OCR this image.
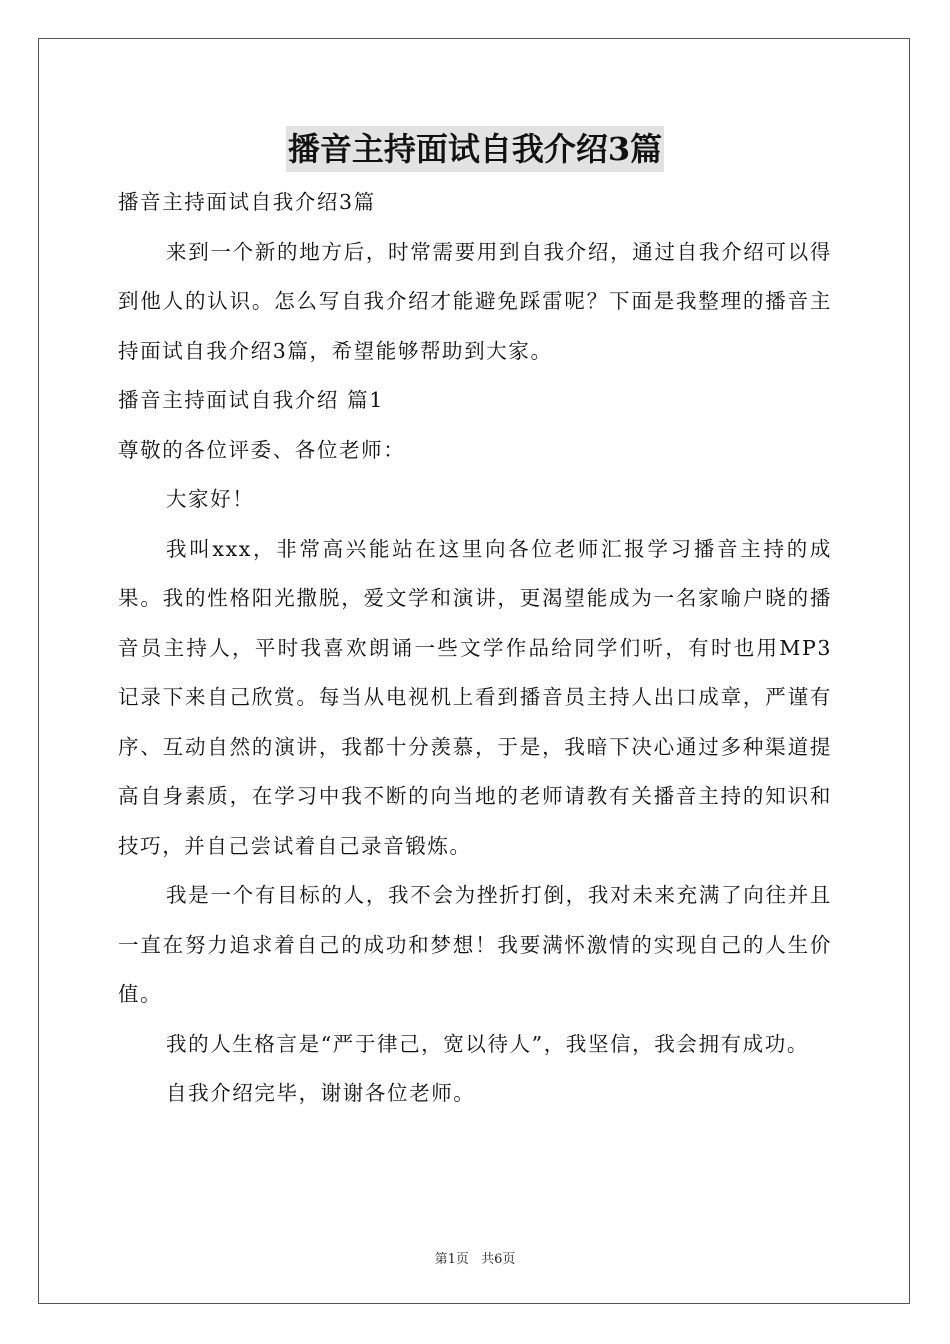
播音主持面试自我介绍3篇

播音主持面试自我介绍3篇

来到一个新的地方后，时常需要用到自我介绍，通过自我介绍可以得到他人的认识。怎么写自我介绍才能避免踩雷呢？下面是我整理的播音主持面试自我介绍3篇，希望能够帮助到大家。

播音主持面试自我介绍 篇1

尊敬的各位评委、各位老师：

大家好！

我叫xxx，非常高兴能站在这里向各位老师汇报学习播音主持的成果。我的性格阳光撒脱，爱文学和演讲，更渴望能成为一名家喻户晓的播音员主持人，平时我喜欢朗诵一些文学作品给同学们听，有时也用MP3记录下来自己欣赏。每当从电视机上看到播音员主持人出口成章，严谨有序、互动自然的演讲，我都十分羡慕，于是，我暗下决心通过多种渠道提高自身素质，在学习中我不断的向当地的老师请教有关播音主持的知识和技巧，并自己尝试着自己录音锻炼。

我是一个有目标的人，我不会为挫折打倒，我对未来充满了向往并且一直在努力追求着自己的成功和梦想！我要满怀激情的实现自己的人生价值。

我的人生格言是“严于律己，宽以待人”，我坚信，我会拥有成功。

自我介绍完毕，谢谢各位老师。

第1页 共6页
